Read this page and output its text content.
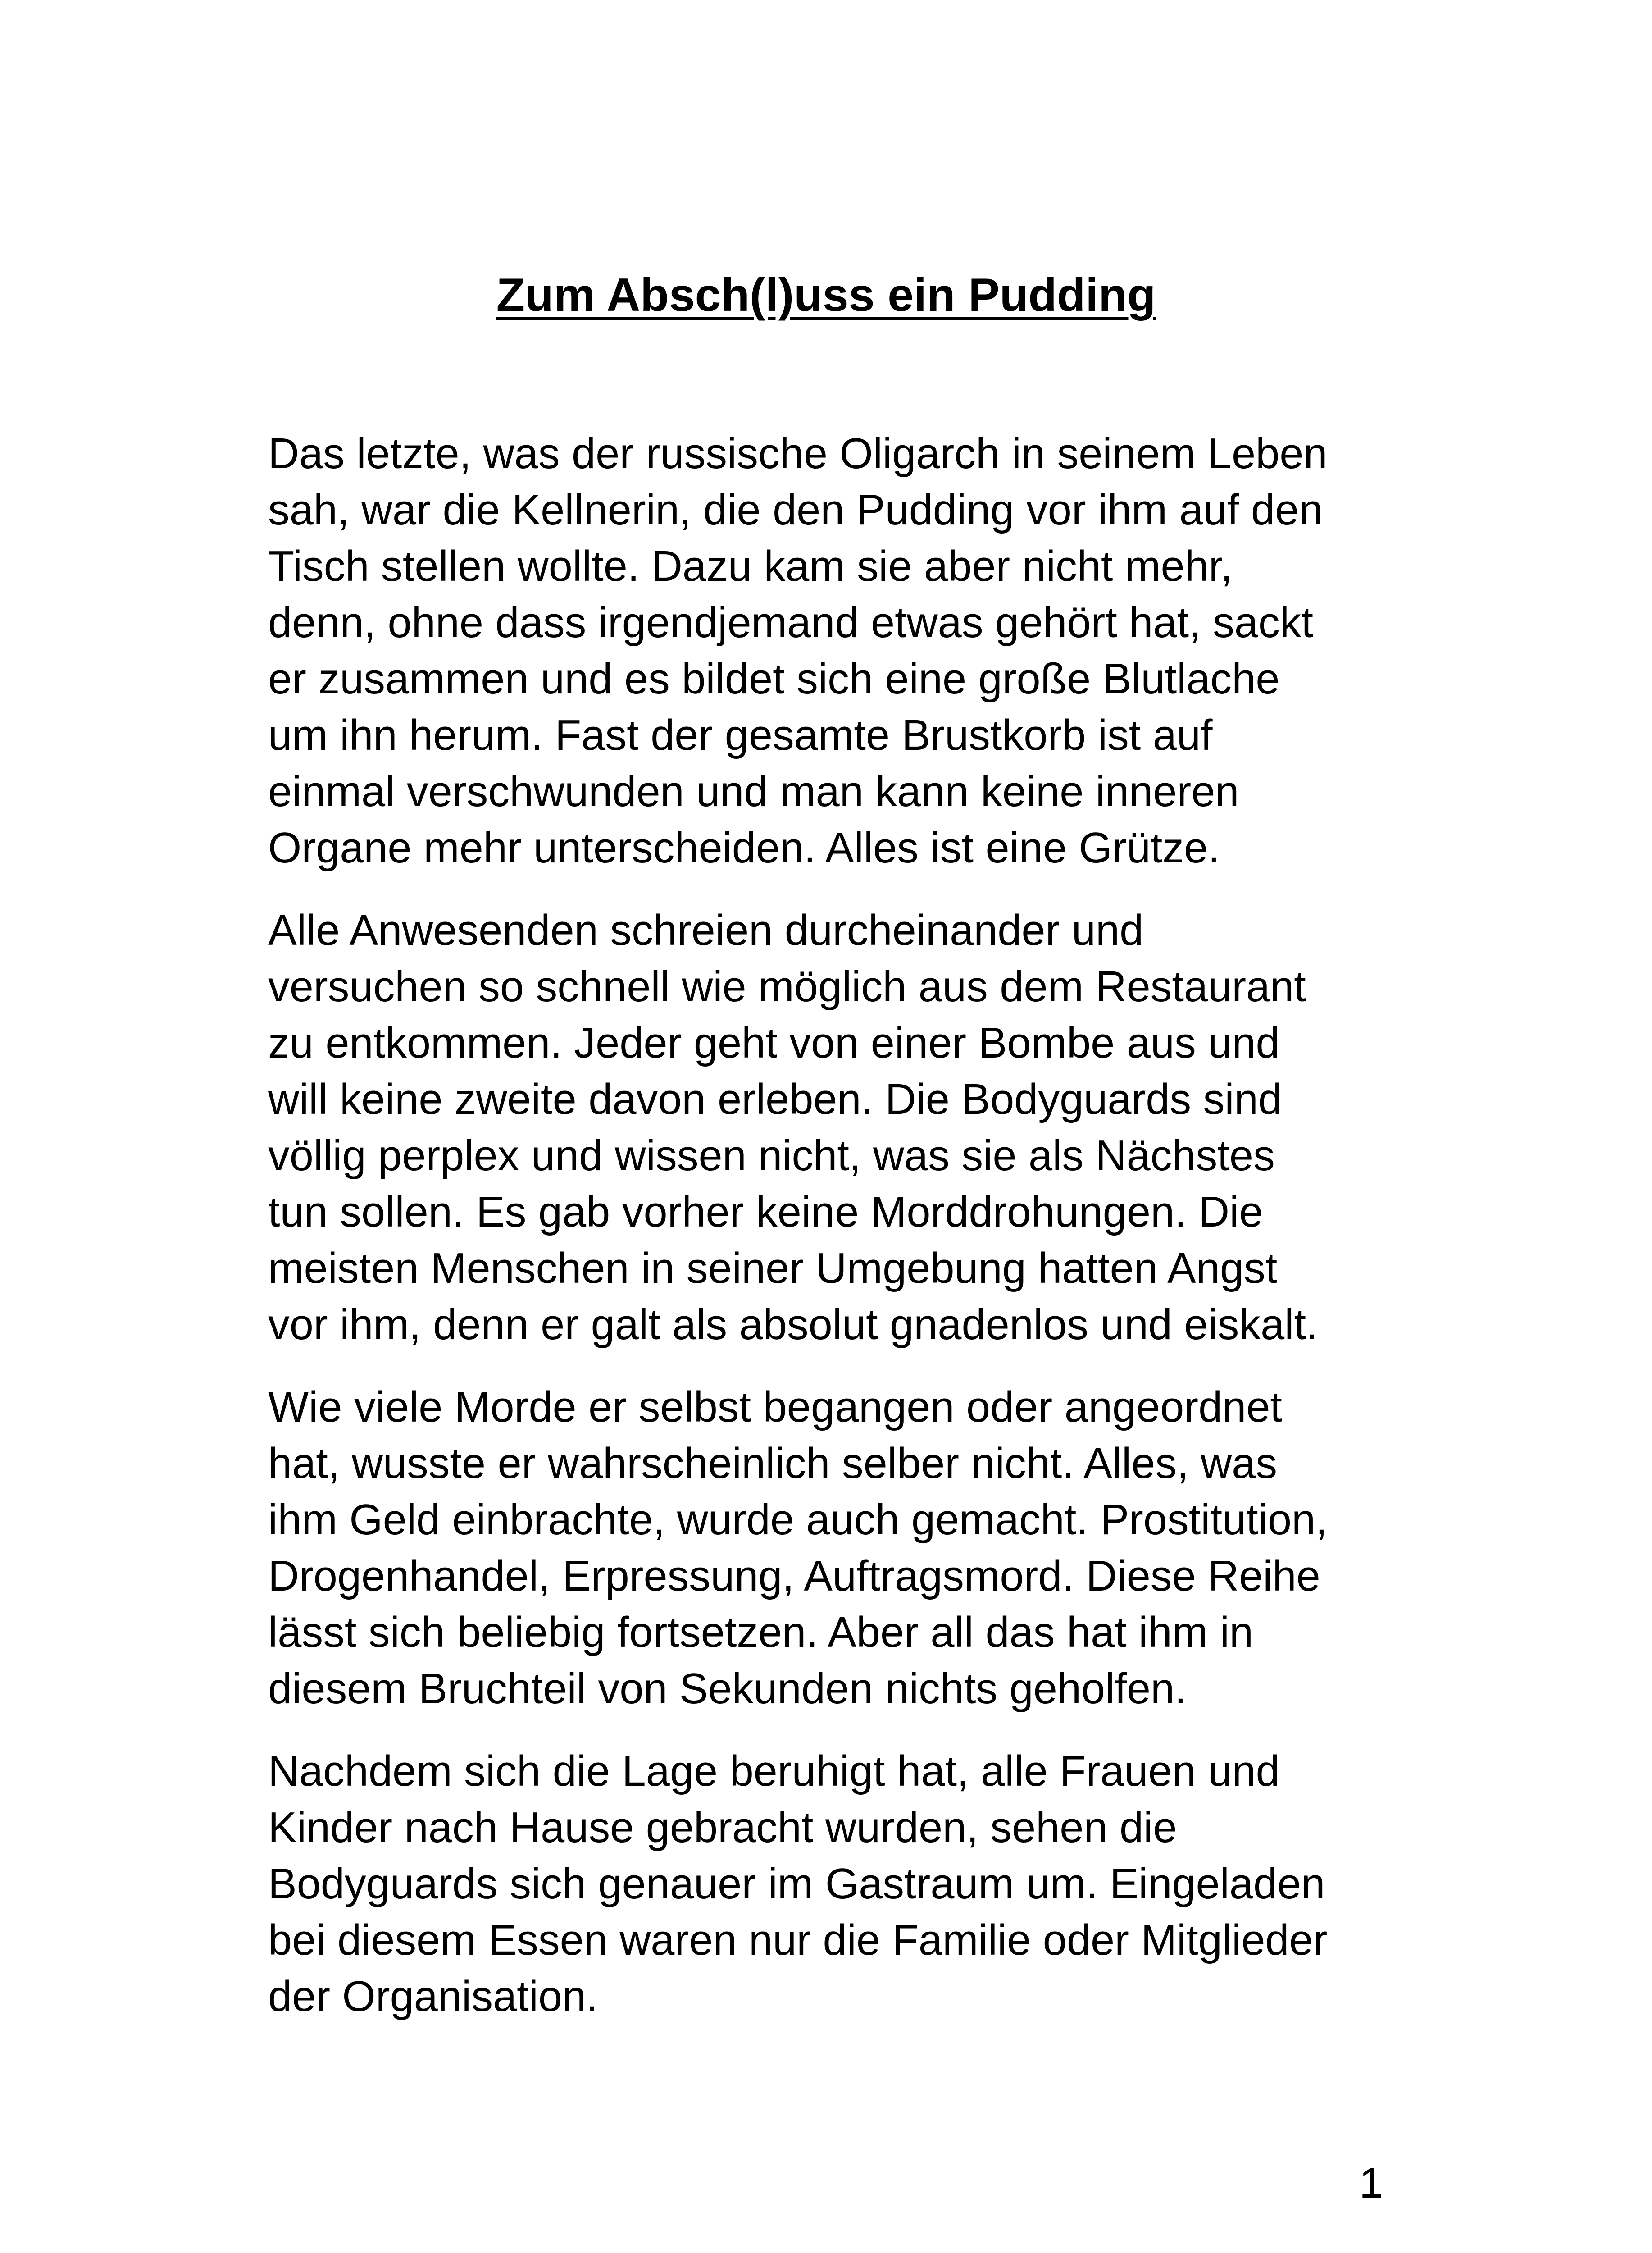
Zum Absch(l)uss ein Pudding

Das letzte, was der russische Oligarch in seinem Leben
sah, war die Kellnerin, die den Pudding vor ihm auf den
Tisch stellen wollte. Dazu kam sie aber nicht mehr,
denn, ohne dass irgendjemand etwas gehört hat, sackt
er zusammen und es bildet sich eine große Blutlache
um ihn herum. Fast der gesamte Brustkorb ist auf
einmal verschwunden und man kann keine inneren
Organe mehr unterscheiden. Alles ist eine Grütze.

Alle Anwesenden schreien durcheinander und
versuchen so schnell wie möglich aus dem Restaurant
zu entkommen. Jeder geht von einer Bombe aus und
will keine zweite davon erleben. Die Bodyguards sind
völlig perplex und wissen nicht, was sie als Nächstes
tun sollen. Es gab vorher keine Morddrohungen. Die
meisten Menschen in seiner Umgebung hatten Angst
vor ihm, denn er galt als absolut gnadenlos und eiskalt.

Wie viele Morde er selbst begangen oder angeordnet
hat, wusste er wahrscheinlich selber nicht. Alles, was
ihm Geld einbrachte, wurde auch gemacht. Prostitution,
Drogenhandel, Erpressung, Auftragsmord. Diese Reihe
lässt sich beliebig fortsetzen. Aber all das hat ihm in
diesem Bruchteil von Sekunden nichts geholfen.

Nachdem sich die Lage beruhigt hat, alle Frauen und
Kinder nach Hause gebracht wurden, sehen die
Bodyguards sich genauer im Gastraum um. Eingeladen
bei diesem Essen waren nur die Familie oder Mitglieder
der Organisation.

1
